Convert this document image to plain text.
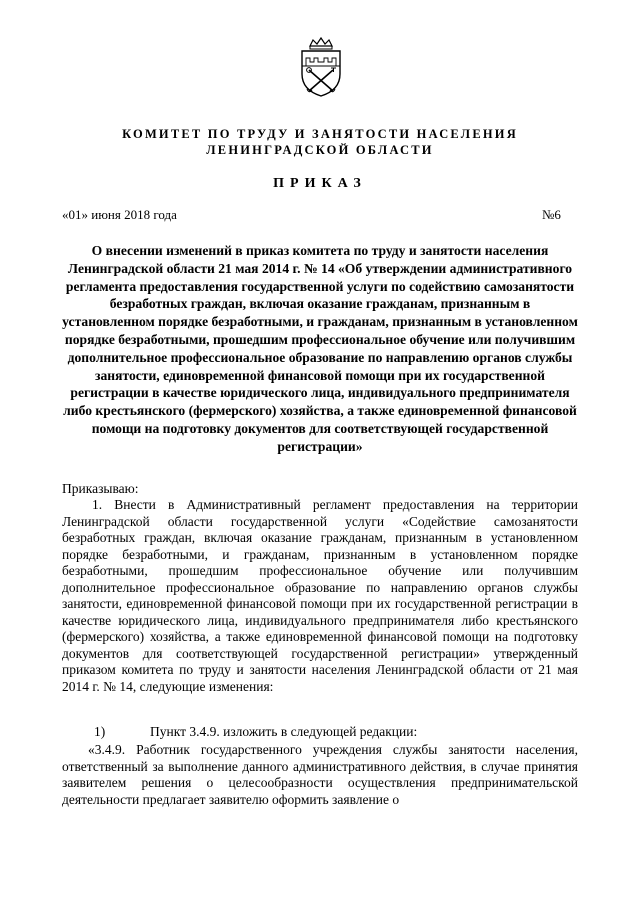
КОМИТЕТ ПО ТРУДУ И ЗАНЯТОСТИ НАСЕЛЕНИЯ
ЛЕНИНГРАДСКОЙ ОБЛАСТИ
ПРИКАЗ
«01» июня 2018 года	№6
О внесении изменений в приказ комитета по труду и занятости населения Ленинградской области 21 мая 2014 г. № 14 «Об утверждении административного регламента предоставления государственной услуги по содействию самозанятости безработных граждан, включая оказание гражданам, признанным в установленном порядке безработными, и гражданам, признанным в установленном порядке безработными, прошедшим профессиональное обучение или получившим дополнительное профессиональное образование по направлению органов службы занятости, единовременной финансовой помощи при их государственной регистрации в качестве юридического лица, индивидуального предпринимателя либо крестьянского (фермерского) хозяйства, а также единовременной финансовой помощи на подготовку документов для соответствующей государственной регистрации»
Приказываю:
1. Внести в Административный регламент предоставления на территории Ленинградской области государственной услуги «Содействие самозанятости безработных граждан, включая оказание гражданам, признанным в установленном порядке безработными, и гражданам, признанным в установленном порядке безработными, прошедшим профессиональное обучение или получившим дополнительное профессиональное образование по направлению органов службы занятости, единовременной финансовой помощи при их государственной регистрации в качестве юридического лица, индивидуального предпринимателя либо крестьянского (фермерского) хозяйства, а также единовременной финансовой помощи на подготовку документов для соответствующей государственной регистрации» утвержденный приказом комитета по труду и занятости населения Ленинградской области от 21 мая 2014 г. № 14, следующие изменения:
1)	Пункт 3.4.9. изложить в следующей редакции:
«3.4.9. Работник государственного учреждения службы занятости населения, ответственный за выполнение данного административного действия, в случае принятия заявителем решения о целесообразности осуществления предпринимательской деятельности предлагает заявителю оформить заявление о
